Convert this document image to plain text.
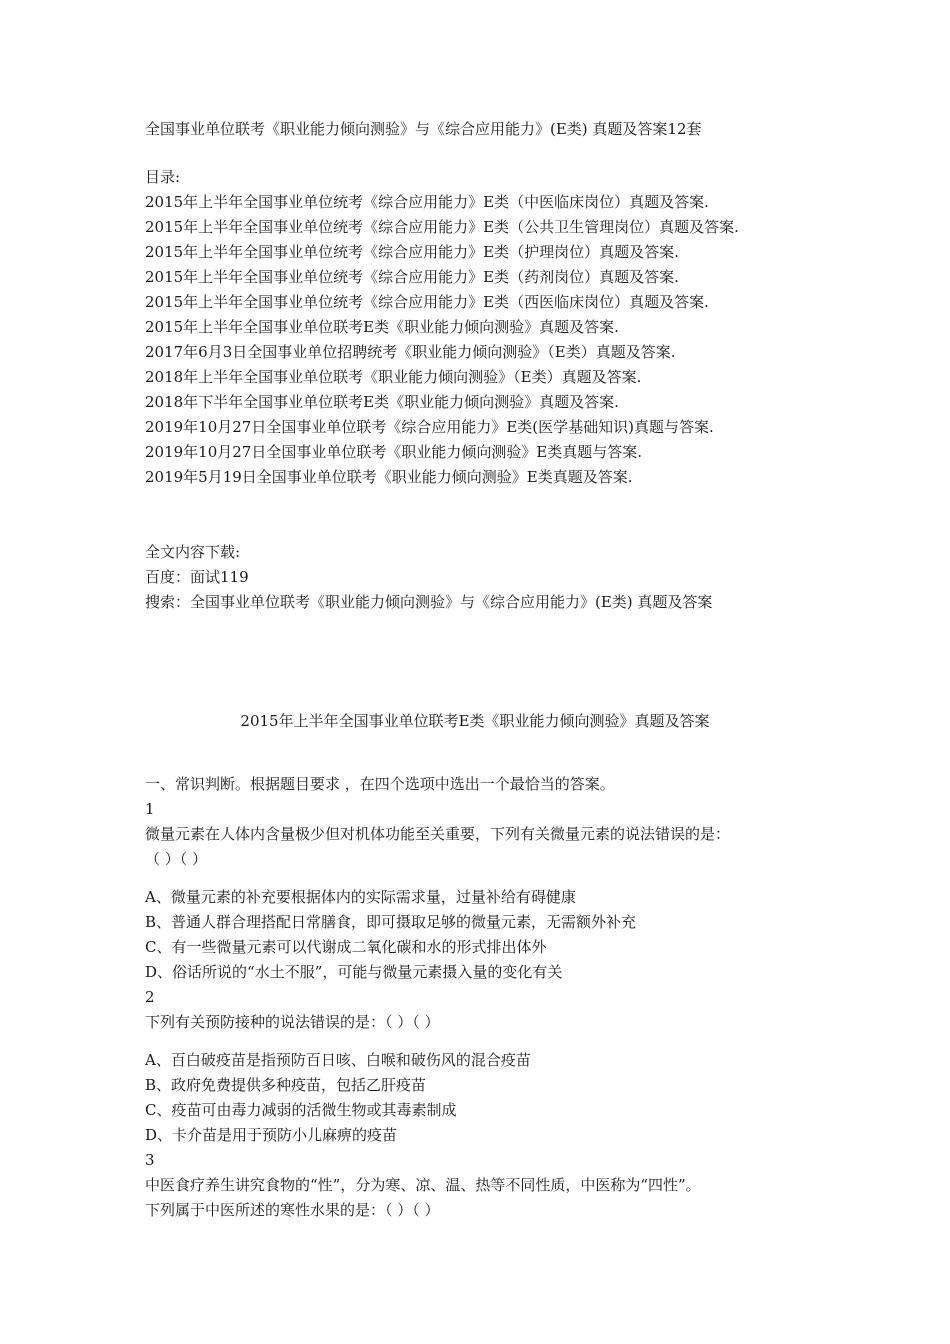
全国事业单位联考《职业能力倾向测验》与《综合应用能力》(E类) 真题及答案12套
目录:
2015年上半年全国事业单位统考《综合应用能力》E类（中医临床岗位）真题及答案.
2015年上半年全国事业单位统考《综合应用能力》E类（公共卫生管理岗位）真题及答案.
2015年上半年全国事业单位统考《综合应用能力》E类（护理岗位）真题及答案.
2015年上半年全国事业单位统考《综合应用能力》E类（药剂岗位）真题及答案.
2015年上半年全国事业单位统考《综合应用能力》E类（西医临床岗位）真题及答案.
2015年上半年全国事业单位联考E类《职业能力倾向测验》真题及答案.
2017年6月3日全国事业单位招聘统考《职业能力倾向测验》（E类）真题及答案.
2018年上半年全国事业单位联考《职业能力倾向测验》（E类）真题及答案.
2018年下半年全国事业单位联考E类《职业能力倾向测验》真题及答案.
2019年10月27日全国事业单位联考《综合应用能力》E类(医学基础知识)真题与答案.
2019年10月27日全国事业单位联考《职业能力倾向测验》E类真题与答案.
2019年5月19日全国事业单位联考《职业能力倾向测验》E类真题及答案.
全文内容下载:
百度：面试119
搜索：全国事业单位联考《职业能力倾向测验》与《综合应用能力》(E类) 真题及答案
2015年上半年全国事业单位联考E类《职业能力倾向测验》真题及答案
一、常识判断。根据题目要求 ，在四个选项中选出一个最恰当的答案。
1
微量元素在人体内含量极少但对机体功能至关重要，下列有关微量元素的说法错误的是：
（ ）（ ）
A、微量元素的补充要根据体内的实际需求量，过量补给有碍健康
B、普通人群合理搭配日常膳食，即可摄取足够的微量元素，无需额外补充
C、有一些微量元素可以代谢成二氧化碳和水的形式排出体外
D、俗话所说的“水土不服”，可能与微量元素摄入量的变化有关
2
下列有关预防接种的说法错误的是：（ ）（ ）
A、百白破疫苗是指预防百日咳、白喉和破伤风的混合疫苗
B、政府免费提供多种疫苗，包括乙肝疫苗
C、疫苗可由毒力减弱的活微生物或其毒素制成
D、卡介苗是用于预防小儿麻痹的疫苗
3
中医食疗养生讲究食物的“性”，分为寒、凉、温、热等不同性质，中医称为“四性”。
下列属于中医所述的寒性水果的是：（ ）（ ）
